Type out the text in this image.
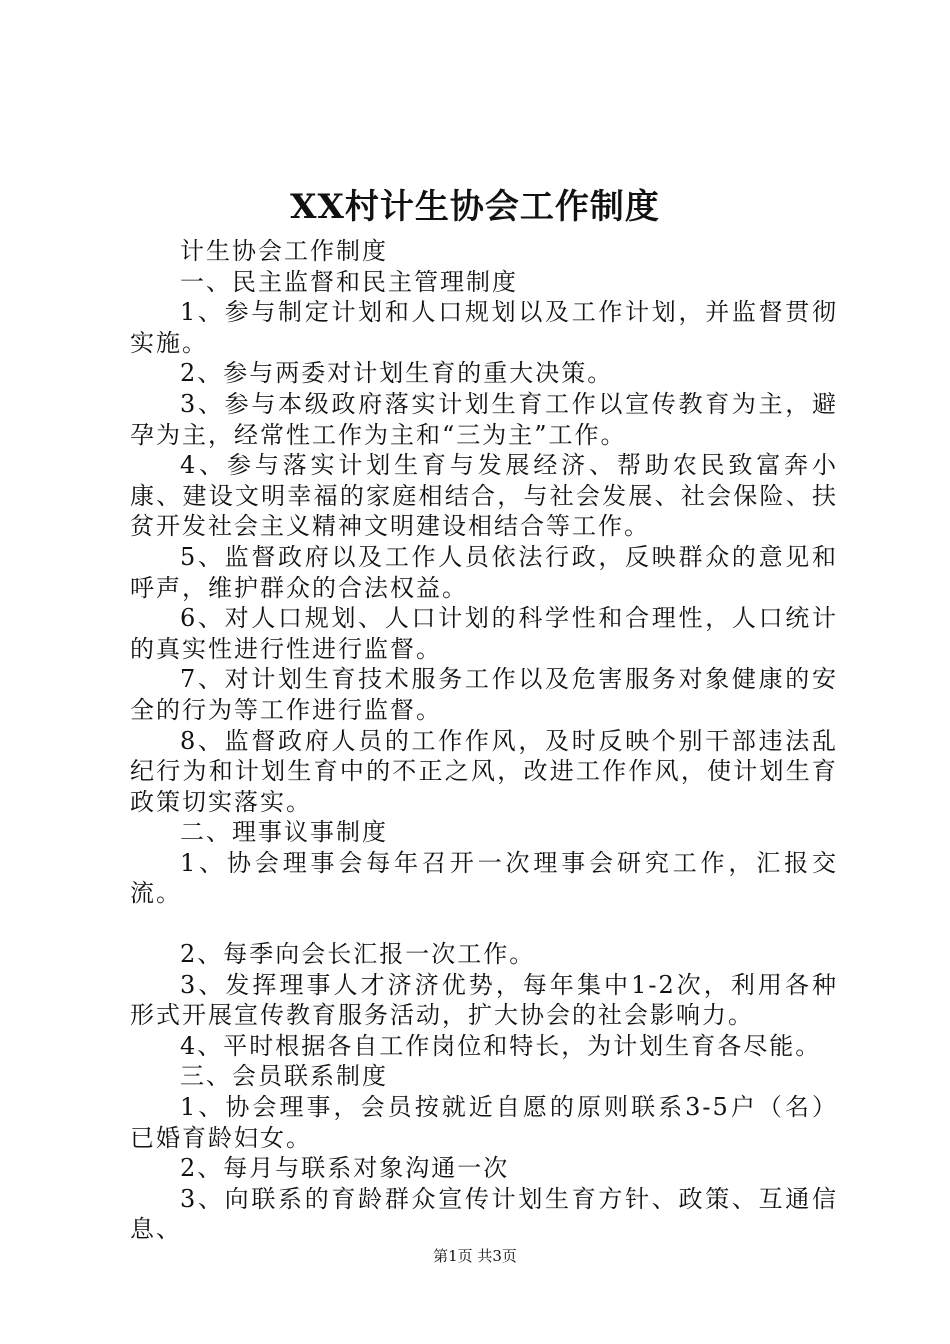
XX村计生协会工作制度

计生协会工作制度

一、民主监督和民主管理制度

1、参与制定计划和人口规划以及工作计划，并监督贯彻实施。

2、参与两委对计划生育的重大决策。

3、参与本级政府落实计划生育工作以宣传教育为主，避孕为主，经常性工作为主和“三为主”工作。

4、参与落实计划生育与发展经济、帮助农民致富奔小康、建设文明幸福的家庭相结合，与社会发展、社会保险、扶贫开发社会主义精神文明建设相结合等工作。

5、监督政府以及工作人员依法行政，反映群众的意见和呼声，维护群众的合法权益。

6、对人口规划、人口计划的科学性和合理性，人口统计的真实性进行性进行监督。

7、对计划生育技术服务工作以及危害服务对象健康的安全的行为等工作进行监督。

8、监督政府人员的工作作风，及时反映个别干部违法乱纪行为和计划生育中的不正之风，改进工作作风，使计划生育政策切实落实。

二、理事议事制度

1、协会理事会每年召开一次理事会研究工作，汇报交流。

2、每季向会长汇报一次工作。

3、发挥理事人才济济优势，每年集中1-2次，利用各种形式开展宣传教育服务活动，扩大协会的社会影响力。

4、平时根据各自工作岗位和特长，为计划生育各尽能。

三、会员联系制度

1、协会理事，会员按就近自愿的原则联系3-5户（名）已婚育龄妇女。

2、每月与联系对象沟通一次

3、向联系的育龄群众宣传计划生育方针、政策、互通信息、

第1页 共3页
